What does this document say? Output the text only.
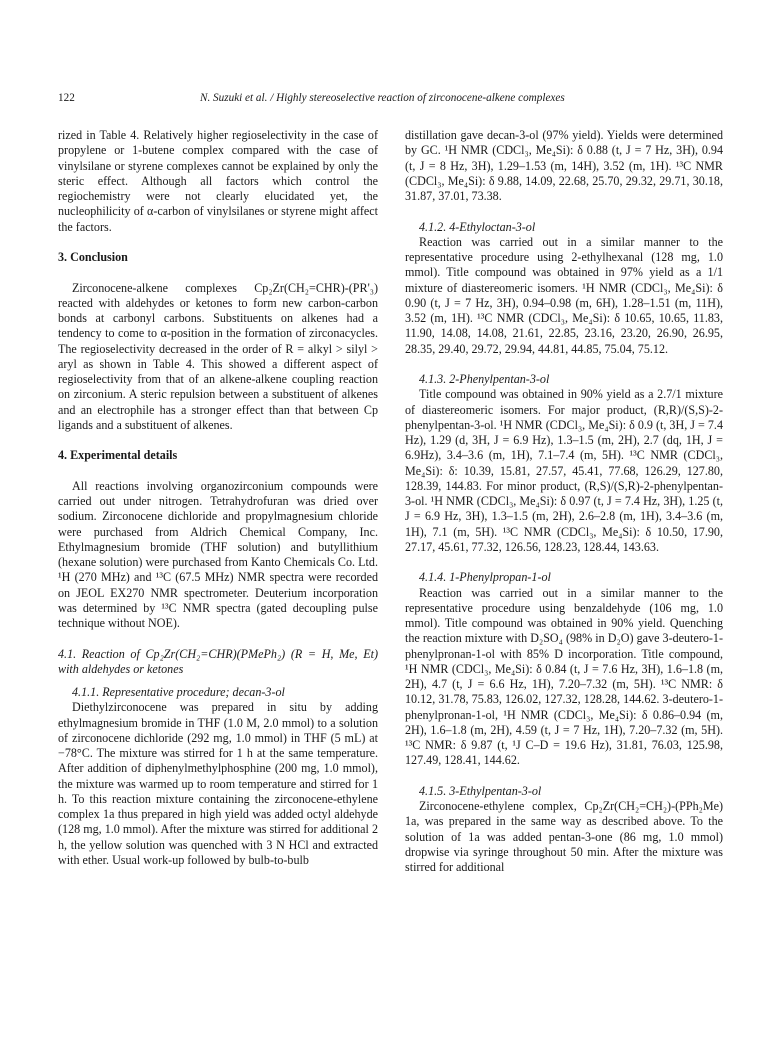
122	N. Suzuki et al. / Highly stereoselective reaction of zirconocene-alkene complexes

rized in Table 4. Relatively higher regioselectivity in the case of propylene or 1-butene complex compared with the case of vinylsilane or styrene complexes cannot be explained by only the steric effect. Although all factors which control the regiochemistry were not clearly elucidated yet, the nucleophilicity of α-carbon of vinylsilanes or styrene might affect the factors.

3. Conclusion

Zirconocene-alkene complexes Cp₂Zr(CH₂=CHR)-(PR'₃) reacted with aldehydes or ketones to form new carbon-carbon bonds at carbonyl carbons. Substituents on alkenes had a tendency to come to α-position in the formation of zirconacycles. The regioselectivity decreased in the order of R = alkyl > silyl > aryl as shown in Table 4. This showed a different aspect of regioselectivity from that of an alkene-alkene coupling reaction on zirconium. A steric repulsion between a substituent of alkenes and an electrophile has a stronger effect than that between Cp ligands and a substituent of alkenes.

4. Experimental details

All reactions involving organozirconium compounds were carried out under nitrogen. Tetrahydrofuran was dried over sodium. Zirconocene dichloride and propylmagnesium chloride were purchased from Aldrich Chemical Company, Inc. Ethylmagnesium bromide (THF solution) and butyllithium (hexane solution) were purchased from Kanto Chemicals Co. Ltd. ¹H (270 MHz) and ¹³C (67.5 MHz) NMR spectra were recorded on JEOL EX270 NMR spectrometer. Deuterium incorporation was determined by ¹³C NMR spectra (gated decoupling pulse technique without NOE).

4.1. Reaction of Cp₂Zr(CH₂=CHR)(PMePh₂) (R = H, Me, Et) with aldehydes or ketones
4.1.1. Representative procedure; decan-3-ol

Diethylzirconocene was prepared in situ by adding ethylmagnesium bromide in THF (1.0 M, 2.0 mmol) to a solution of zirconocene dichloride (292 mg, 1.0 mmol) in THF (5 mL) at −78°C. The mixture was stirred for 1 h at the same temperature. After addition of diphenylmethylphosphine (200 mg, 1.0 mmol), the mixture was warmed up to room temperature and stirred for 1 h. To this reaction mixture containing the zirconocene-ethylene complex 1a thus prepared in high yield was added octyl aldehyde (128 mg, 1.0 mmol). After the mixture was stirred for additional 2 h, the yellow solution was quenched with 3 N HCl and extracted with ether. Usual work-up followed by bulb-to-bulb

distillation gave decan-3-ol (97% yield). Yields were determined by GC. ¹H NMR (CDCl₃, Me₄Si): δ 0.88 (t, J = 7 Hz, 3H), 0.94 (t, J = 8 Hz, 3H), 1.29–1.53 (m, 14H), 3.52 (m, 1H). ¹³C NMR (CDCl₃, Me₄Si): δ 9.88, 14.09, 22.68, 25.70, 29.32, 29.71, 30.18, 31.87, 37.01, 73.38.

4.1.2. 4-Ethyloctan-3-ol

Reaction was carried out in a similar manner to the representative procedure using 2-ethylhexanal (128 mg, 1.0 mmol). Title compound was obtained in 97% yield as a 1/1 mixture of diastereomeric isomers. ¹H NMR (CDCl₃, Me₄Si): δ 0.90 (t, J = 7 Hz, 3H), 0.94–0.98 (m, 6H), 1.28–1.51 (m, 11H), 3.52 (m, 1H). ¹³C NMR (CDCl₃, Me₄Si): δ 10.65, 10.65, 11.83, 11.90, 14.08, 14.08, 21.61, 22.85, 23.16, 23.20, 26.90, 26.95, 28.35, 29.40, 29.72, 29.94, 44.81, 44.85, 75.04, 75.12.

4.1.3. 2-Phenylpentan-3-ol

Title compound was obtained in 90% yield as a 2.7/1 mixture of diastereomeric isomers. For major product, (R,R)/(S,S)-2-phenylpentan-3-ol. ¹H NMR (CDCl₃, Me₄Si): δ 0.9 (t, 3H, J = 7.4 Hz), 1.29 (d, 3H, J = 6.9 Hz), 1.3–1.5 (m, 2H), 2.7 (dq, 1H, J = 6.9Hz), 3.4–3.6 (m, 1H), 7.1–7.4 (m, 5H). ¹³C NMR (CDCl₃, Me₄Si): δ: 10.39, 15.81, 27.57, 45.41, 77.68, 126.29, 127.80, 128.39, 144.83. For minor product, (R,S)/(S,R)-2-phenylpentan-3-ol. ¹H NMR (CDCl₃, Me₄Si): δ 0.97 (t, J = 7.4 Hz, 3H), 1.25 (t, J = 6.9 Hz, 3H), 1.3–1.5 (m, 2H), 2.6–2.8 (m, 1H), 3.4–3.6 (m, 1H), 7.1 (m, 5H). ¹³C NMR (CDCl₃, Me₄Si): δ 10.50, 17.90, 27.17, 45.61, 77.32, 126.56, 128.23, 128.44, 143.63.

4.1.4. 1-Phenylpropan-1-ol

Reaction was carried out in a similar manner to the representative procedure using benzaldehyde (106 mg, 1.0 mmol). Title compound was obtained in 90% yield. Quenching the reaction mixture with D₂SO₄ (98% in D₂O) gave 3-deutero-1-phenylpronan-1-ol with 85% D incorporation. Title compound, ¹H NMR (CDCl₃, Me₄Si): δ 0.84 (t, J = 7.6 Hz, 3H), 1.6–1.8 (m, 2H), 4.7 (t, J = 6.6 Hz, 1H), 7.20–7.32 (m, 5H). ¹³C NMR: δ 10.12, 31.78, 75.83, 126.02, 127.32, 128.28, 144.62. 3-deutero-1-phenylpronan-1-ol, ¹H NMR (CDCl₃, Me₄Si): δ 0.86–0.94 (m, 2H), 1.6–1.8 (m, 2H), 4.59 (t, J = 7 Hz, 1H), 7.20–7.32 (m, 5H). ¹³C NMR: δ 9.87 (t, ¹J C–D = 19.6 Hz), 31.81, 76.03, 125.98, 127.49, 128.41, 144.62.

4.1.5. 3-Ethylpentan-3-ol

Zirconocene-ethylene complex, Cp₂Zr(CH₂=CH₂)-(PPh₂Me) 1a, was prepared in the same way as described above. To the solution of 1a was added pentan-3-one (86 mg, 1.0 mmol) dropwise via syringe throughout 50 min. After the mixture was stirred for additional
